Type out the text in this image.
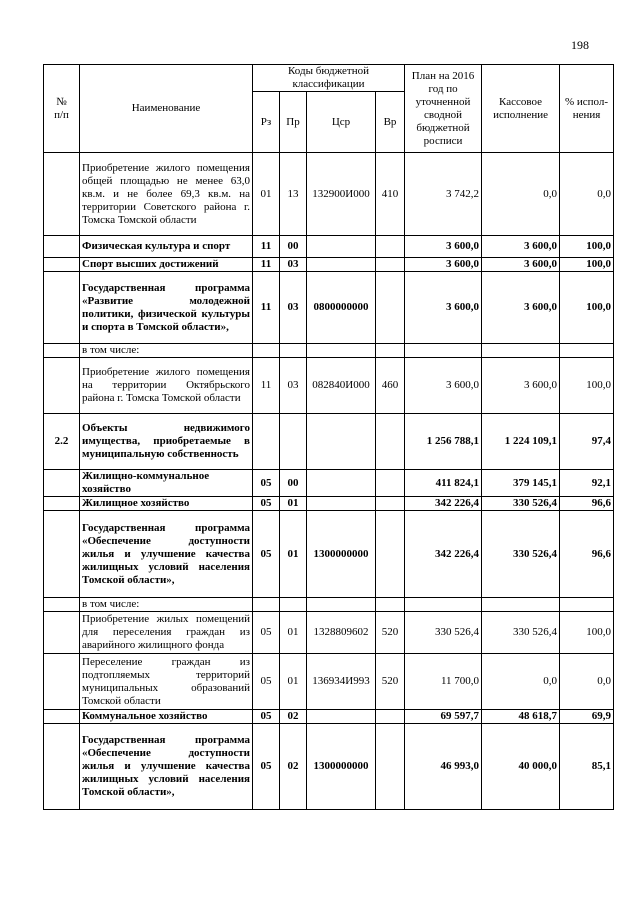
198
№
п/п	Наименование	Коды бюджетной классификации				План на 2016 год по уточненной сводной бюджетной росписи	Кассовое исполнение	% испол-нения
		Рз	Пр	Цср	Вр			
	Приобретение жилого помещения общей площадью не менее 63,0 кв.м. и не более 69,3 кв.м. на территории Советского района г. Томска Томской области	01	13	132900И000	410	3 742,2	0,0	0,0
	Физическая культура и спорт	11	00			3 600,0	3 600,0	100,0
	Спорт высших достижений	11	03			3 600,0	3 600,0	100,0
	Государственная программа «Развитие молодежной политики, физической культуры и спорта в Томской области»,	11	03	0800000000		3 600,0	3 600,0	100,0
	в том числе:							
	Приобретение жилого помещения на территории Октябрьского района г. Томска Томской области	11	03	082840И000	460	3 600,0	3 600,0	100,0
2.2	Объекты недвижимого имущества, приобретаемые в муниципальную собственность					1 256 788,1	1 224 109,1	97,4
	Жилищно-коммунальное хозяйство	05	00			411 824,1	379 145,1	92,1
	Жилищное хозяйство	05	01			342 226,4	330 526,4	96,6
	Государственная программа «Обеспечение доступности жилья и улучшение качества жилищных условий населения Томской области»,	05	01	1300000000		342 226,4	330 526,4	96,6
	в том числе:							
	Приобретение жилых помещений для переселения граждан из аварийного жилищного фонда	05	01	1328809602	520	330 526,4	330 526,4	100,0
	Переселение граждан из подтопляемых территорий муниципальных образований Томской области	05	01	136934И993	520	11 700,0	0,0	0,0
	Коммунальное хозяйство	05	02			69 597,7	48 618,7	69,9
	Государственная программа «Обеспечение доступности жилья и улучшение качества жилищных условий населения Томской области»,	05	02	1300000000		46 993,0	40 000,0	85,1
